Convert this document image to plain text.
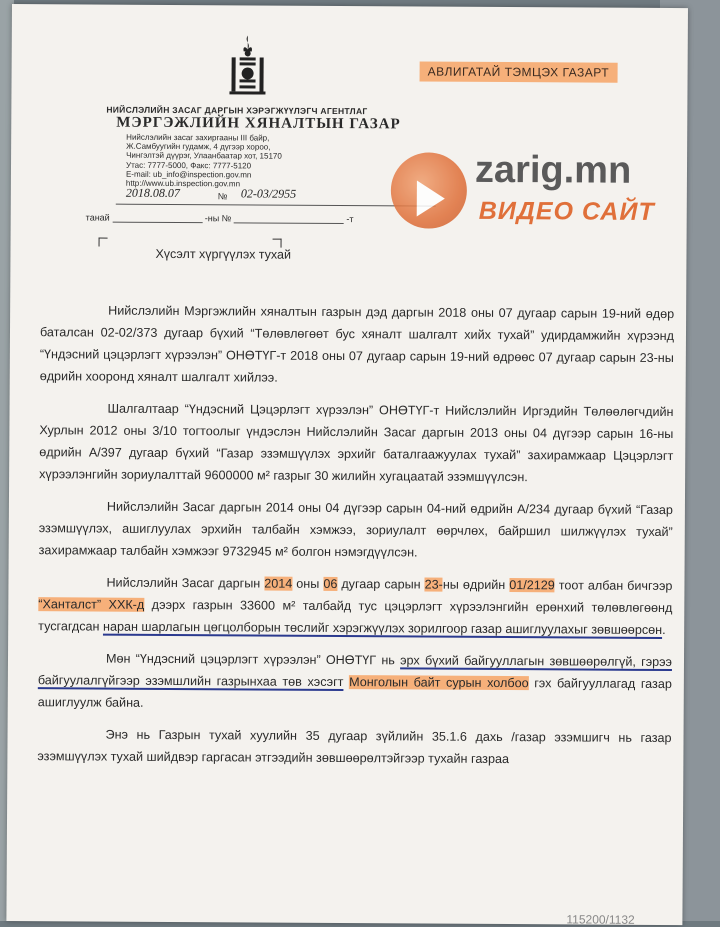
НИЙСЛЭЛИЙН ЗАСАГ ДАРГЫН ХЭРЭГЖҮҮЛЭГЧ АГЕНТЛАГ
МЭРГЭЖЛИЙН ХЯНАЛТЫН ГАЗАР
Нийслэлийн засаг захиргааны III байр,
Ж.Самбуугийн гудамж, 4 дүгээр хороо,
Чингэлтэй дүүрэг, Улаанбаатар хот, 15170
Утас: 7777-5000, Факс: 7777-5120
E-mail: ub_info@inspection.gov.mn
http://www.ub.inspection.gov.mn
АВЛИГАТАЙ ТЭМЦЭХ ГАЗАРТ
2018.08.07	№ 02-03/2955
танай	-ны №	-т
Хүсэлт хүргүүлэх тухай
zarig.mn
ВИДЕО САЙТ

Нийслэлийн Мэргэжлийн хяналтын газрын дэд даргын 2018 оны 07 дугаар сарын 19-ний өдөр баталсан 02-02/373 дугаар бүхий “Төлөвлөгөөт бус хяналт шалгалт хийх тухай” удирдамжийн хүрээнд “Үндэсний цэцэрлэгт хүрээлэн” ОНӨТҮГ-т 2018 оны 07 дугаар сарын 19-ний өдрөөс 07 дугаар сарын 23-ны өдрийн хооронд хяналт шалгалт хийлээ.

Шалгалтаар “Үндэсний Цэцэрлэгт хүрээлэн” ОНӨТҮГ-т Нийслэлийн Иргэдийн Төлөөлөгчдийн Хурлын 2012 оны 3/10 тогтоолыг үндэслэн Нийслэлийн Засаг даргын 2013 оны 04 дүгээр сарын 16-ны өдрийн А/397 дугаар бүхий “Газар эзэмшүүлэх эрхийг баталгаажуулах тухай” захирамжаар Цэцэрлэгт хүрээлэнгийн зориулалттай 9600000 м² газрыг 30 жилийн хугацаатай эзэмшүүлсэн.

Нийслэлийн Засаг даргын 2014 оны 04 дүгээр сарын 04-ний өдрийн А/234 дугаар бүхий “Газар эзэмшүүлэх, ашиглуулах эрхийн талбайн хэмжээ, зориулалт өөрчлөх, байршил шилжүүлэх тухай” захирамжаар талбайн хэмжээг 9732945 м² болгон нэмэгдүүлсэн.

Нийслэлийн Засаг даргын 2014 оны 06 дугаар сарын 23-ны өдрийн 01/2129 тоот албан бичгээр “Ханталст” ХХК-д дээрх газрын 33600 м² талбайд тус цэцэрлэгт хүрээлэнгийн ерөнхий төлөвлөгөөнд тусгагдсан наран шарлагын цөгцолборын төслийг хэрэгжүүлэх зорилгоор газар ашиглуулахыг зөвшөөрсөн.

Мөн “Үндэсний цэцэрлэгт хүрээлэн” ОНӨТҮГ нь эрх бүхий байгууллагын зөвшөөрөлгүй, гэрээ байгуулалгүйгээр эзэмшлийн газрынхаа төв хэсэгт Монголын байт сурын холбоо гэх байгууллагад газар ашиглуулж байна.

Энэ нь Газрын тухай хуулийн 35 дугаар зүйлийн 35.1.6 дахь /газар эзэмшигч нь газар эзэмшүүлэх тухай шийдвэр гаргасан этгээдийн зөвшөөрөлтэйгээр тухайн газраа

115200/1132
